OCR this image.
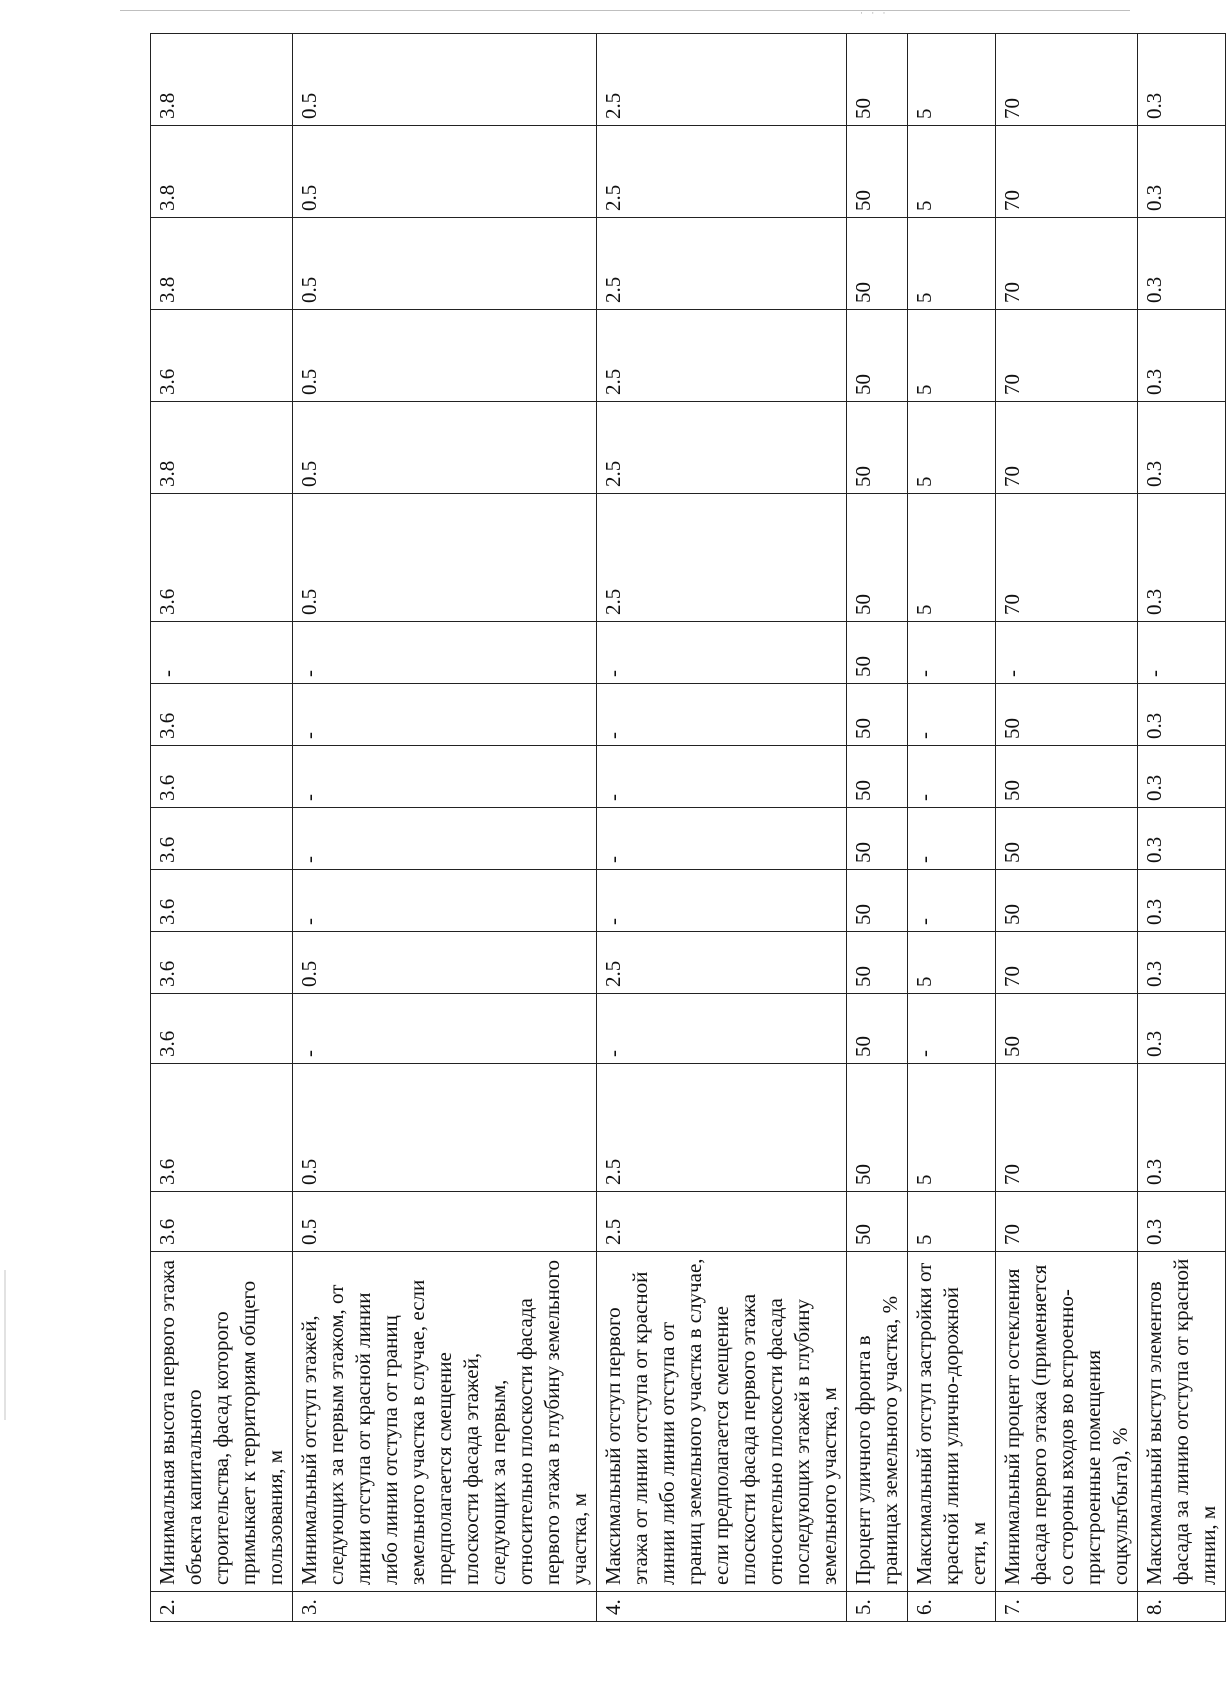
· · ·
2.	Минимальная высота первого этажа объекта капитального строительства, фасад которого примыкает к территориям общего пользования, м	3.6	3.6	3.6	3.6	3.6	3.6	3.6	3.6	-	3.6	3.8	3.6	3.8	3.8	3.8
3.	Минимальный отступ этажей, следующих за первым этажом, от линии отступа от красной линии либо линии отступа от границ земельного участка в случае, если предполагается смещение плоскости фасада этажей, следующих за первым, относительно плоскости фасада первого этажа в глубину земельного участка, м	0.5	0.5	-	0.5	-	-	-	-	-	0.5	0.5	0.5	0.5	0.5	0.5
4.	Максимальный отступ первого этажа от линии отступа от красной линии либо линии отступа от границ земельного участка в случае, если предполагается смещение плоскости фасада первого этажа относительно плоскости фасада последующих этажей в глубину земельного участка, м	2.5	2.5	-	2.5	-	-	-	-	-	2.5	2.5	2.5	2.5	2.5	2.5
5.	Процент уличного фронта в границах земельного участка, %	50	50	50	50	50	50	50	50	50	50	50	50	50	50	50
6.	Максимальный отступ застройки от красной линии улично-дорожной сети, м	5	5	-	5	-	-	-	-	-	5	5	5	5	5	5
7.	Минимальный процент остекления фасада первого этажа (применяется со стороны входов во встроенно-пристроенные помещения соцкультбыта), %	70	70	50	70	50	50	50	50	-	70	70	70	70	70	70
8.	Максимальный выступ элементов фасада за линию отступа от красной линии, м	0.3	0.3	0.3	0.3	0.3	0.3	0.3	0.3	-	0.3	0.3	0.3	0.3	0.3	0.3
